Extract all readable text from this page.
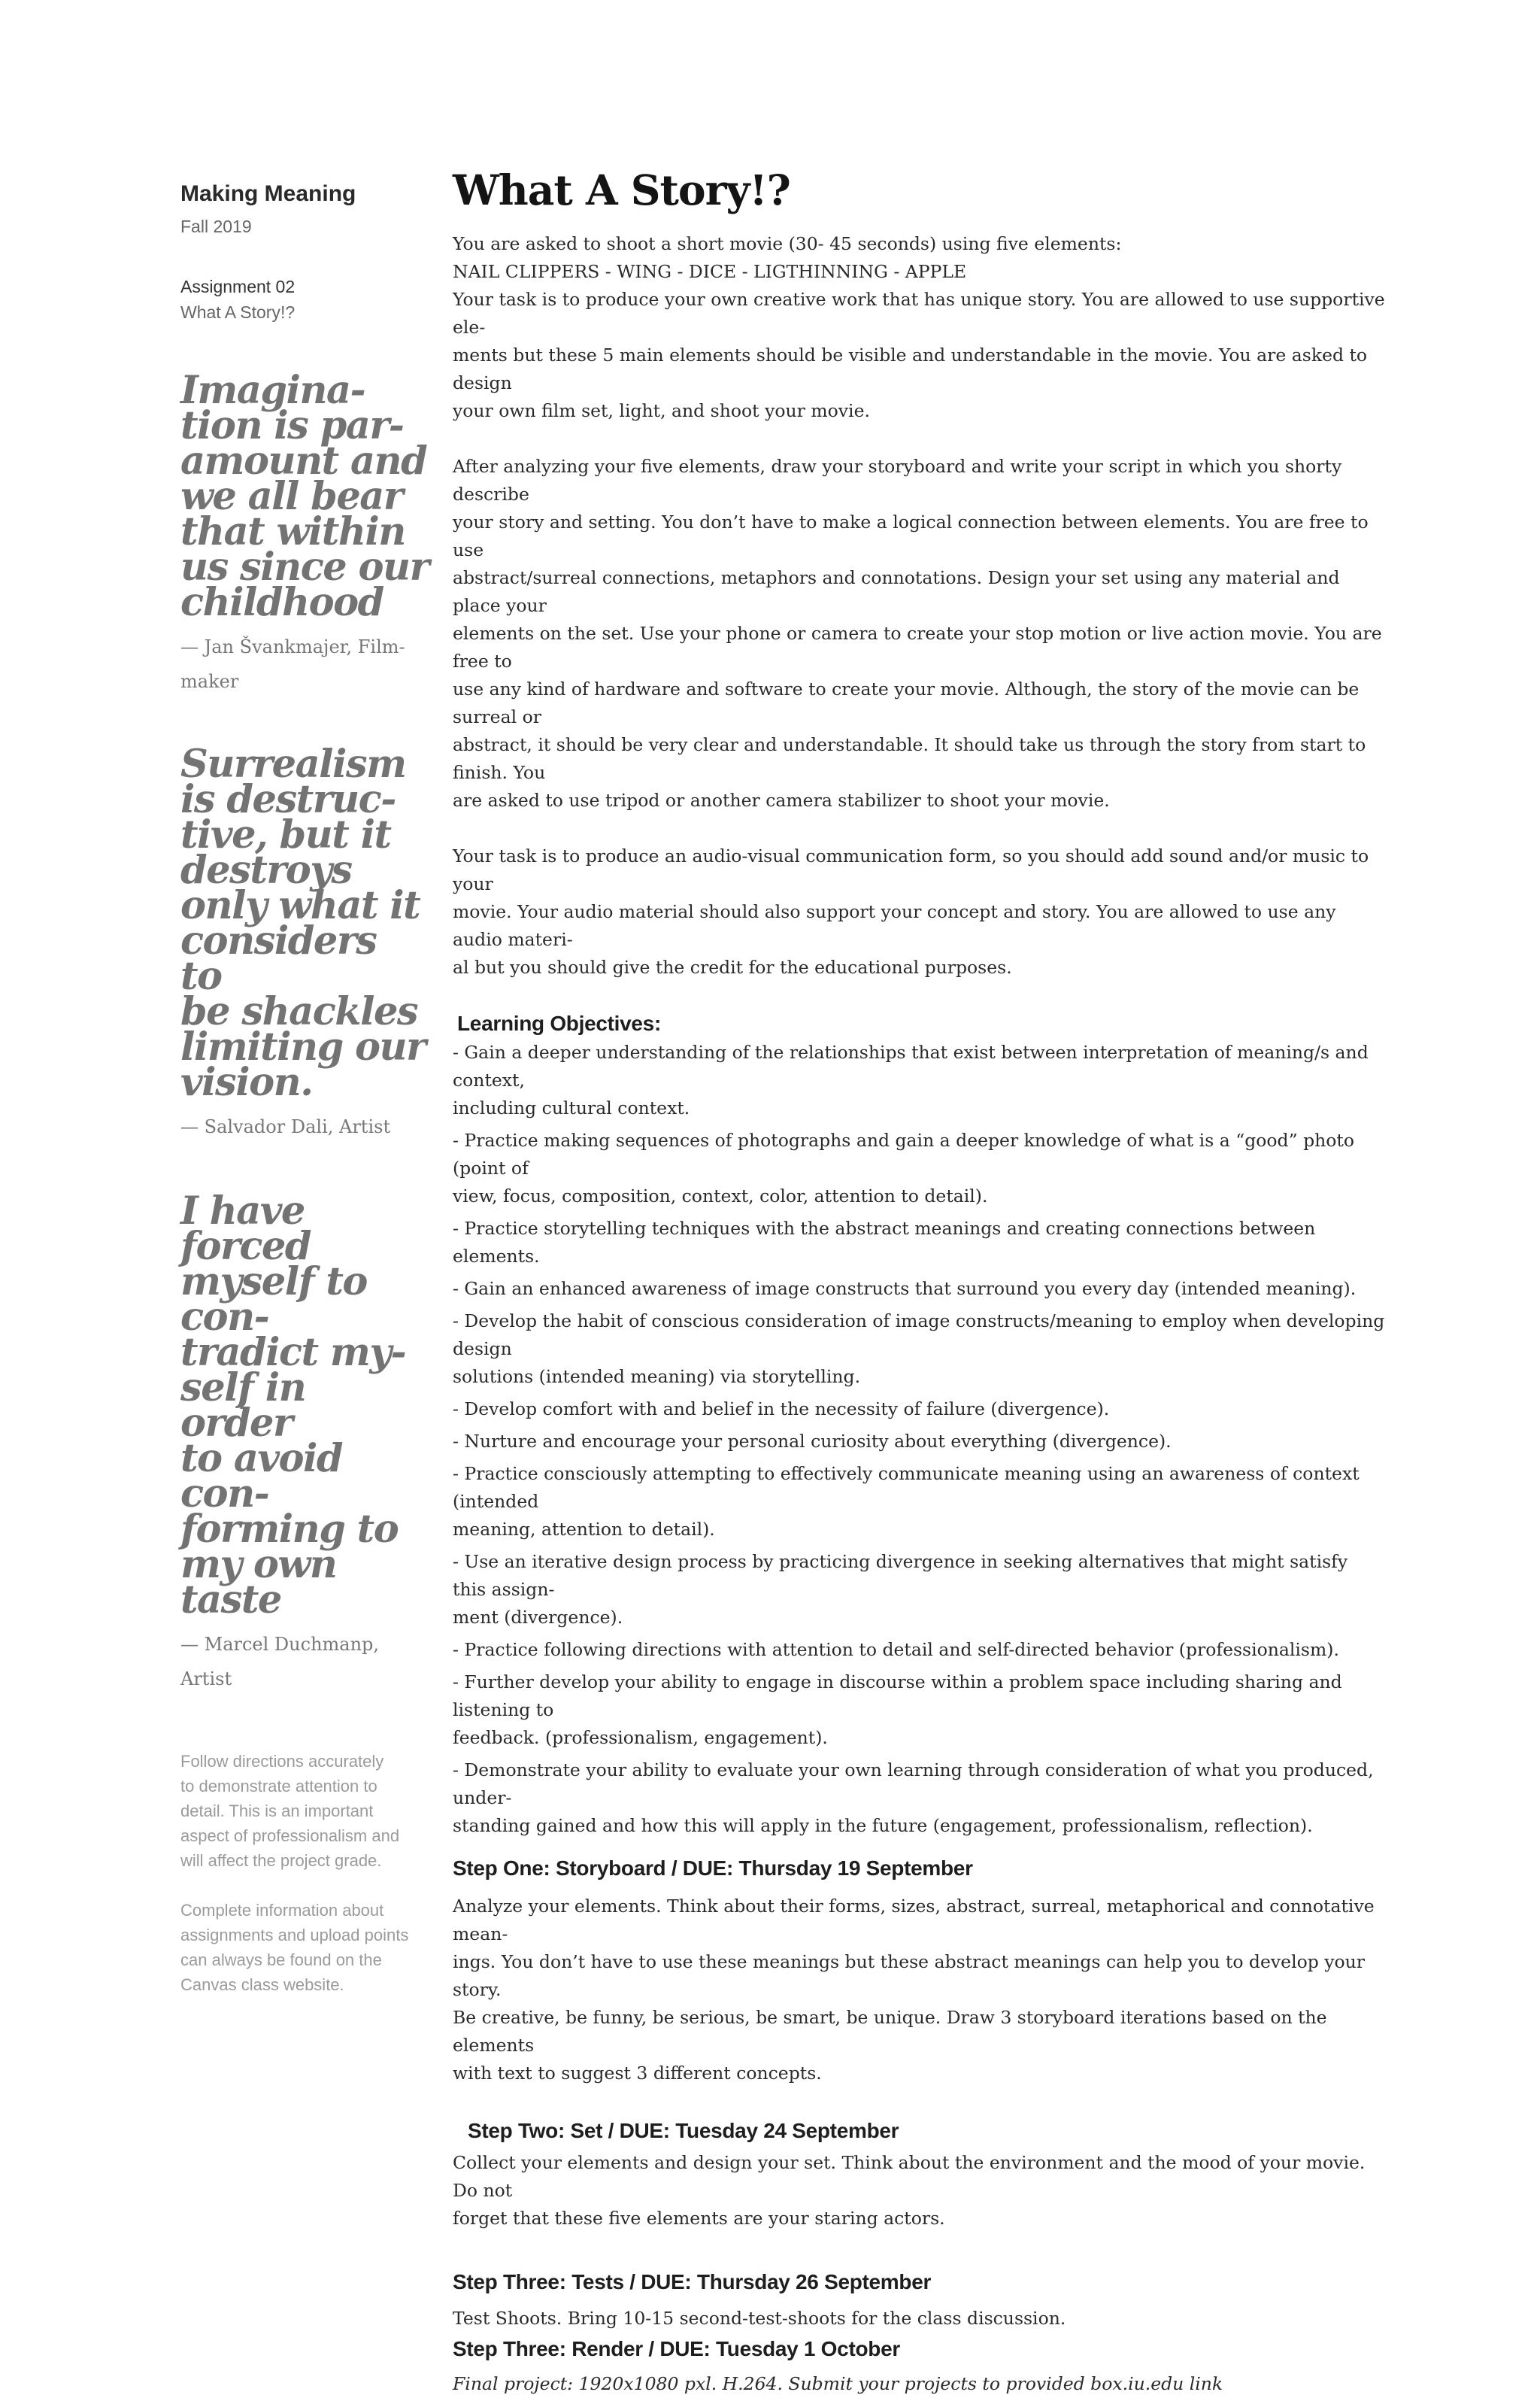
Making Meaning
Fall 2019
Assignment 02
What A Story!?
Imagina-
tion is par-
amount and
we all bear
that within
us since our
childhood
— Jan Švankmajer, Film-
maker
Surrealism
is destruc-
tive, but it
destroys
only what it
considers to
be shackles
limiting our
vision.
— Salvador Dali, Artist
I have forced
myself to con-
tradict my-
self in order
to avoid con-
forming to
my own taste
— Marcel Duchmanp, Artist
Follow directions accurately
to demonstrate attention to
detail. This is an important
aspect of professionalism and
will affect the project grade.
Complete information about
assignments and upload points
can always be found on the
Canvas class website.
What A Story!?

You are asked to shoot a short movie (30- 45 seconds) using five elements:
NAIL CLIPPERS - WING - DICE - LIGTHINNING - APPLE
Your task is to produce your own creative work that has unique story. You are allowed to use supportive ele-
ments but these 5 main elements should be visible and understandable in the movie. You are asked to design
your own film set, light, and shoot your movie.

After analyzing your five elements, draw your storyboard and write your script in which you shorty describe
your story and setting. You don’t have to make a logical connection between elements. You are free to use
abstract/surreal connections, metaphors and connotations. Design your set using any material and place your
elements on the set. Use your phone or camera to create your stop motion or live action movie. You are free to
use any kind of hardware and software to create your movie. Although, the story of the movie can be surreal or
abstract, it should be very clear and understandable. It should take us through the story from start to finish. You
are asked to use tripod or another camera stabilizer to shoot your movie.

Your task is to produce an audio-visual communication form, so you should add sound and/or music to your
movie. Your audio material should also support your concept and story. You are allowed to use any audio materi-
al but you should give the credit for the educational purposes.

Learning Objectives:
- Gain a deeper understanding of the relationships that exist between interpretation of meaning/s and context,
including cultural context.
- Practice making sequences of photographs and gain a deeper knowledge of what is a “good” photo (point of
view, focus, composition, context, color, attention to detail).
- Practice storytelling techniques with the abstract meanings and creating connections between elements.
- Gain an enhanced awareness of image constructs that surround you every day (intended meaning).
- Develop the habit of conscious consideration of image constructs/meaning to employ when developing design
solutions (intended meaning) via storytelling.
- Develop comfort with and belief in the necessity of failure (divergence).
- Nurture and encourage your personal curiosity about everything (divergence).
- Practice consciously attempting to effectively communicate meaning using an awareness of context (intended
meaning, attention to detail).
- Use an iterative design process by practicing divergence in seeking alternatives that might satisfy this assign-
ment (divergence).
- Practice following directions with attention to detail and self-directed behavior (professionalism).
- Further develop your ability to engage in discourse within a problem space including sharing and listening to
feedback. (professionalism, engagement).
- Demonstrate your ability to evaluate your own learning through consideration of what you produced, under-
standing gained and how this will apply in the future (engagement, professionalism, reflection).
Step One: Storyboard / DUE: Thursday 19 September

Analyze your elements. Think about their forms, sizes, abstract, surreal, metaphorical and connotative mean-
ings. You don’t have to use these meanings but these abstract meanings can help you to develop your story.
Be creative, be funny, be serious, be smart, be unique. Draw 3 storyboard iterations based on the elements
with text to suggest 3 different concepts.

Step Two: Set / DUE: Tuesday 24 September

Collect your elements and design your set. Think about the environment and the mood of your movie. Do not
forget that these five elements are your staring actors.

Step Three: Tests / DUE: Thursday 26 September

Test Shoots. Bring 10-15 second-test-shoots for the class discussion.

Step Three: Render / DUE: Tuesday 1 October
Final project: 1920x1080 pxl. H.264. Submit your projects to provided box.iu.edu link
